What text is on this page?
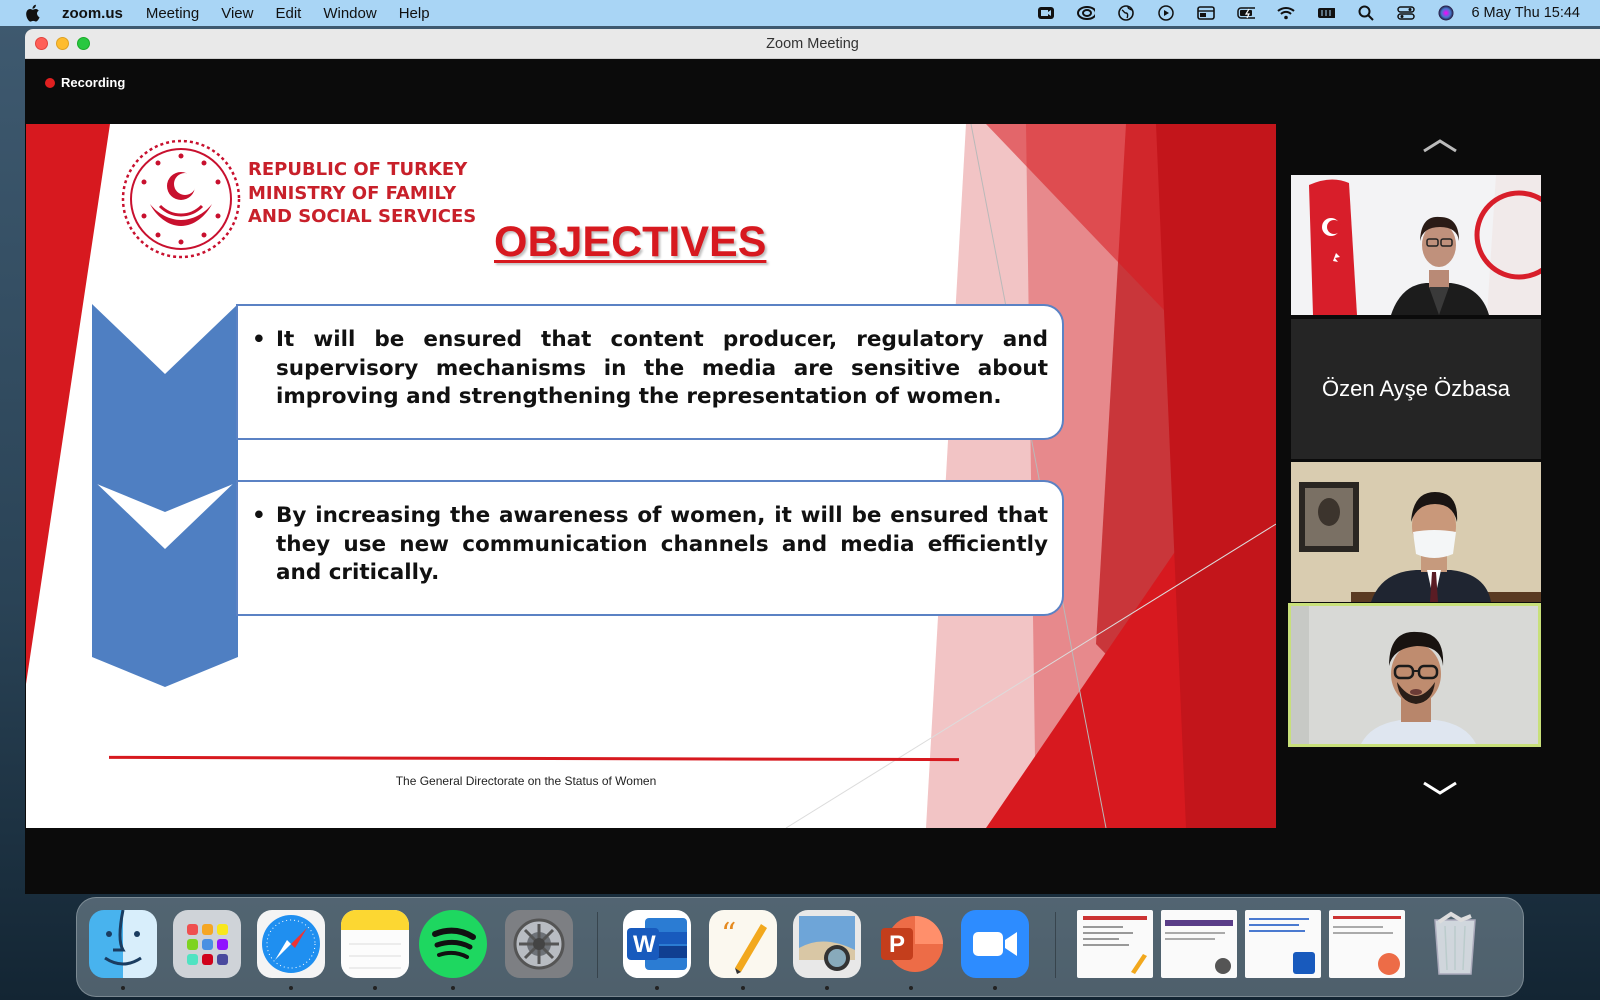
zoom.us Meeting View Edit Window Help	6 May Thu 15:44
Zoom Meeting
Recording
REPUBLIC OF TURKEY
MINISTRY OF FAMILY
AND SOCIAL SERVICES
OBJECTIVES
• It will be ensured that content producer, regulatory and supervisory mechanisms in the media are sensitive about improving and strengthening the representation of women.
• By increasing the awareness of women, it will be ensured that they use new communication channels and media efficiently and critically.
The General Directorate on the Status of Women
Özen Ayşe Özbasa
W “	P
